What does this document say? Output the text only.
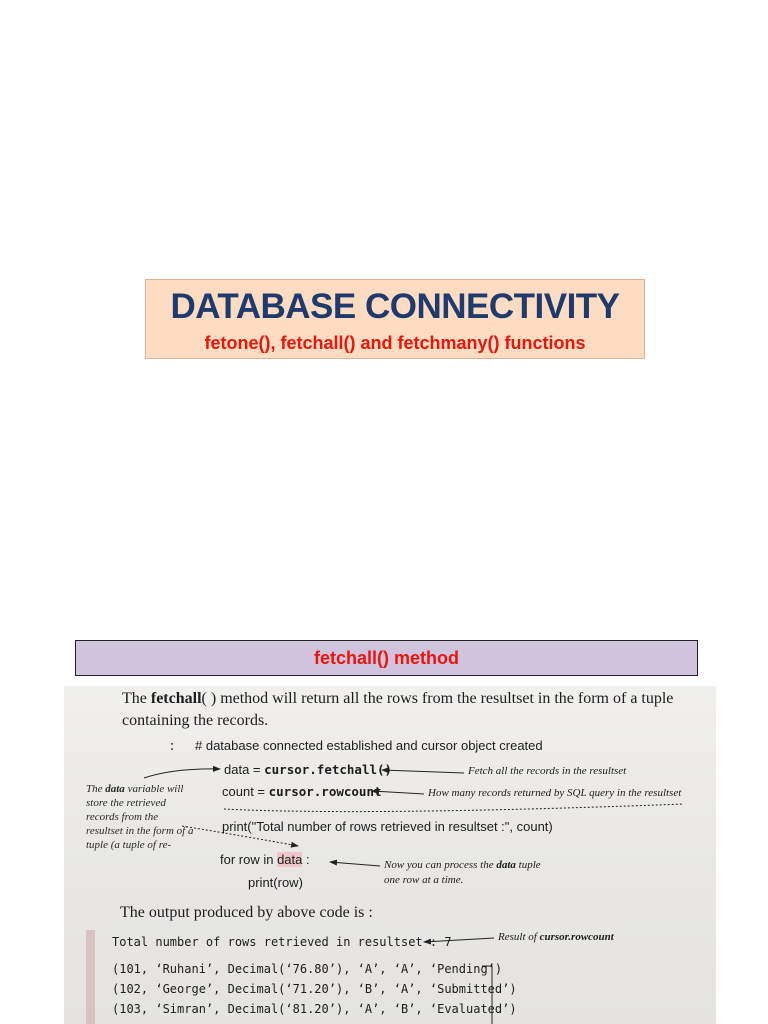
DATABASE CONNECTIVITY
fetone(), fetchall() and fetchmany() functions
fetchall() method
The fetchall( ) method will return all the rows from the resultset in the form of a tuple
containing the records.
: # database connected established and cursor object created
data = cursor.fetchall()	Fetch all the records in the resultset
count = cursor.rowcount	How many records returned by SQL query in the resultset
print("Total number of rows retrieved in resultset :", count)
for row in data :
print(row)
Now you can process the data tuple
one row at a time.
The data variable will store the retrieved records from the resultset in the form of a tuple (a tuple of re-
The output produced by above code is :
Total number of rows retrieved in resultset : 7	Result of cursor.rowcount
(101, ‘Ruhani’, Decimal(‘76.80’), ‘A’, ‘A’, ‘Pending’)
(102, ‘George’, Decimal(‘71.20’), ‘B’, ‘A’, ‘Submitted’)
(103, ‘Simran’, Decimal(‘81.20’), ‘A’, ‘B’, ‘Evaluated’)
